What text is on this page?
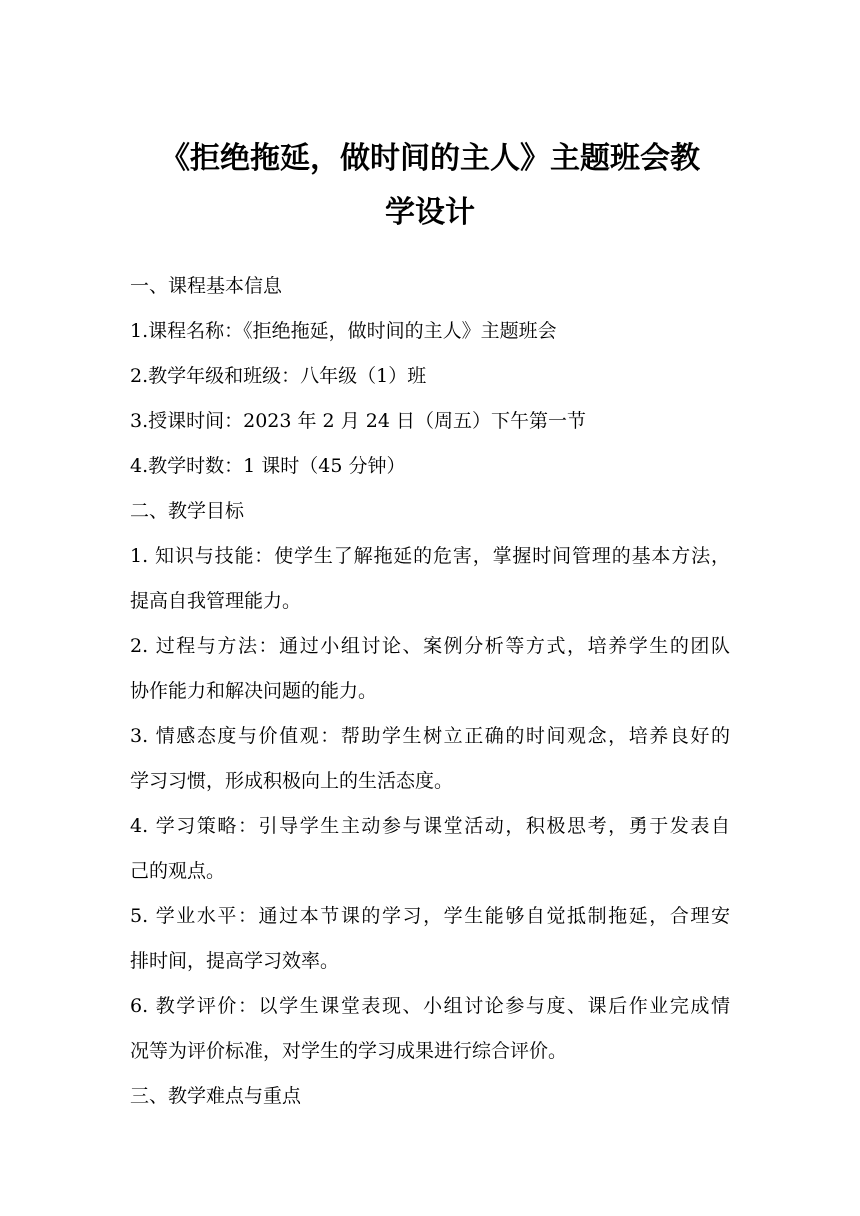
《拒绝拖延，做时间的主人》主题班会教
学设计

一、课程基本信息

1.课程名称：《拒绝拖延，做时间的主人》主题班会

2.教学年级和班级：八年级（1）班

3.授课时间：2023 年 2 月 24 日（周五）下午第一节

4.教学时数：1 课时（45 分钟）

二、教学目标

1. 知识与技能：使学生了解拖延的危害，掌握时间管理的基本方法，

提高自我管理能力。

2. 过程与方法：通过小组讨论、案例分析等方式，培养学生的团队

协作能力和解决问题的能力。

3. 情感态度与价值观：帮助学生树立正确的时间观念，培养良好的

学习习惯，形成积极向上的生活态度。

4. 学习策略：引导学生主动参与课堂活动，积极思考，勇于发表自

己的观点。

5. 学业水平：通过本节课的学习，学生能够自觉抵制拖延，合理安

排时间，提高学习效率。

6. 教学评价：以学生课堂表现、小组讨论参与度、课后作业完成情

况等为评价标准，对学生的学习成果进行综合评价。

三、教学难点与重点
